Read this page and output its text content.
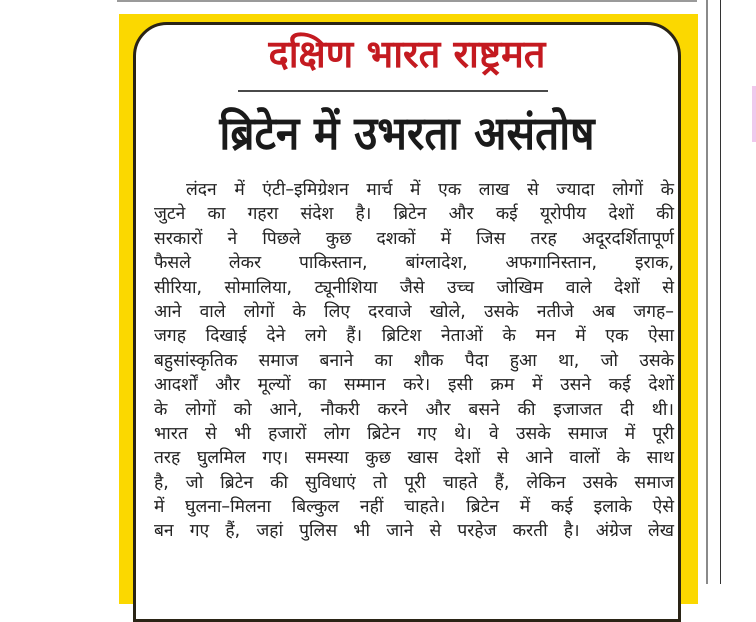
दक्षिण भारत राष्ट्रमत
ब्रिटेन में उभरता असंतोष
लंदन में एंटी–इमिग्रेशन मार्च में एक लाख से ज्यादा लोगों के
जुटने का गहरा संदेश है। ब्रिटेन और कई यूरोपीय देशों की
सरकारों ने पिछले कुछ दशकों में जिस तरह अदूरदर्शितापूर्ण
फैसले लेकर पाकिस्तान, बांग्लादेश, अफगानिस्तान, इराक,
सीरिया, सोमालिया, ट्यूनीशिया जैसे उच्च जोखिम वाले देशों से
आने वाले लोगों के लिए दरवाजे खोले, उसके नतीजे अब जगह–
जगह दिखाई देने लगे हैं। ब्रिटिश नेताओं के मन में एक ऐसा
बहुसांस्कृतिक समाज बनाने का शौक पैदा हुआ था, जो उसके
आदर्शों और मूल्यों का सम्मान करे। इसी क्रम में उसने कई देशों
के लोगों को आने, नौकरी करने और बसने की इजाजत दी थी।
भारत से भी हजारों लोग ब्रिटेन गए थे। वे उसके समाज में पूरी
तरह घुलमिल गए। समस्या कुछ खास देशों से आने वालों के साथ
है, जो ब्रिटेन की सुविधाएं तो पूरी चाहते हैं, लेकिन उसके समाज
में घुलना–मिलना बिल्कुल नहीं चाहते। ब्रिटेन में कई इलाके ऐसे
बन गए हैं, जहां पुलिस भी जाने से परहेज करती है। अंग्रेज लेख
